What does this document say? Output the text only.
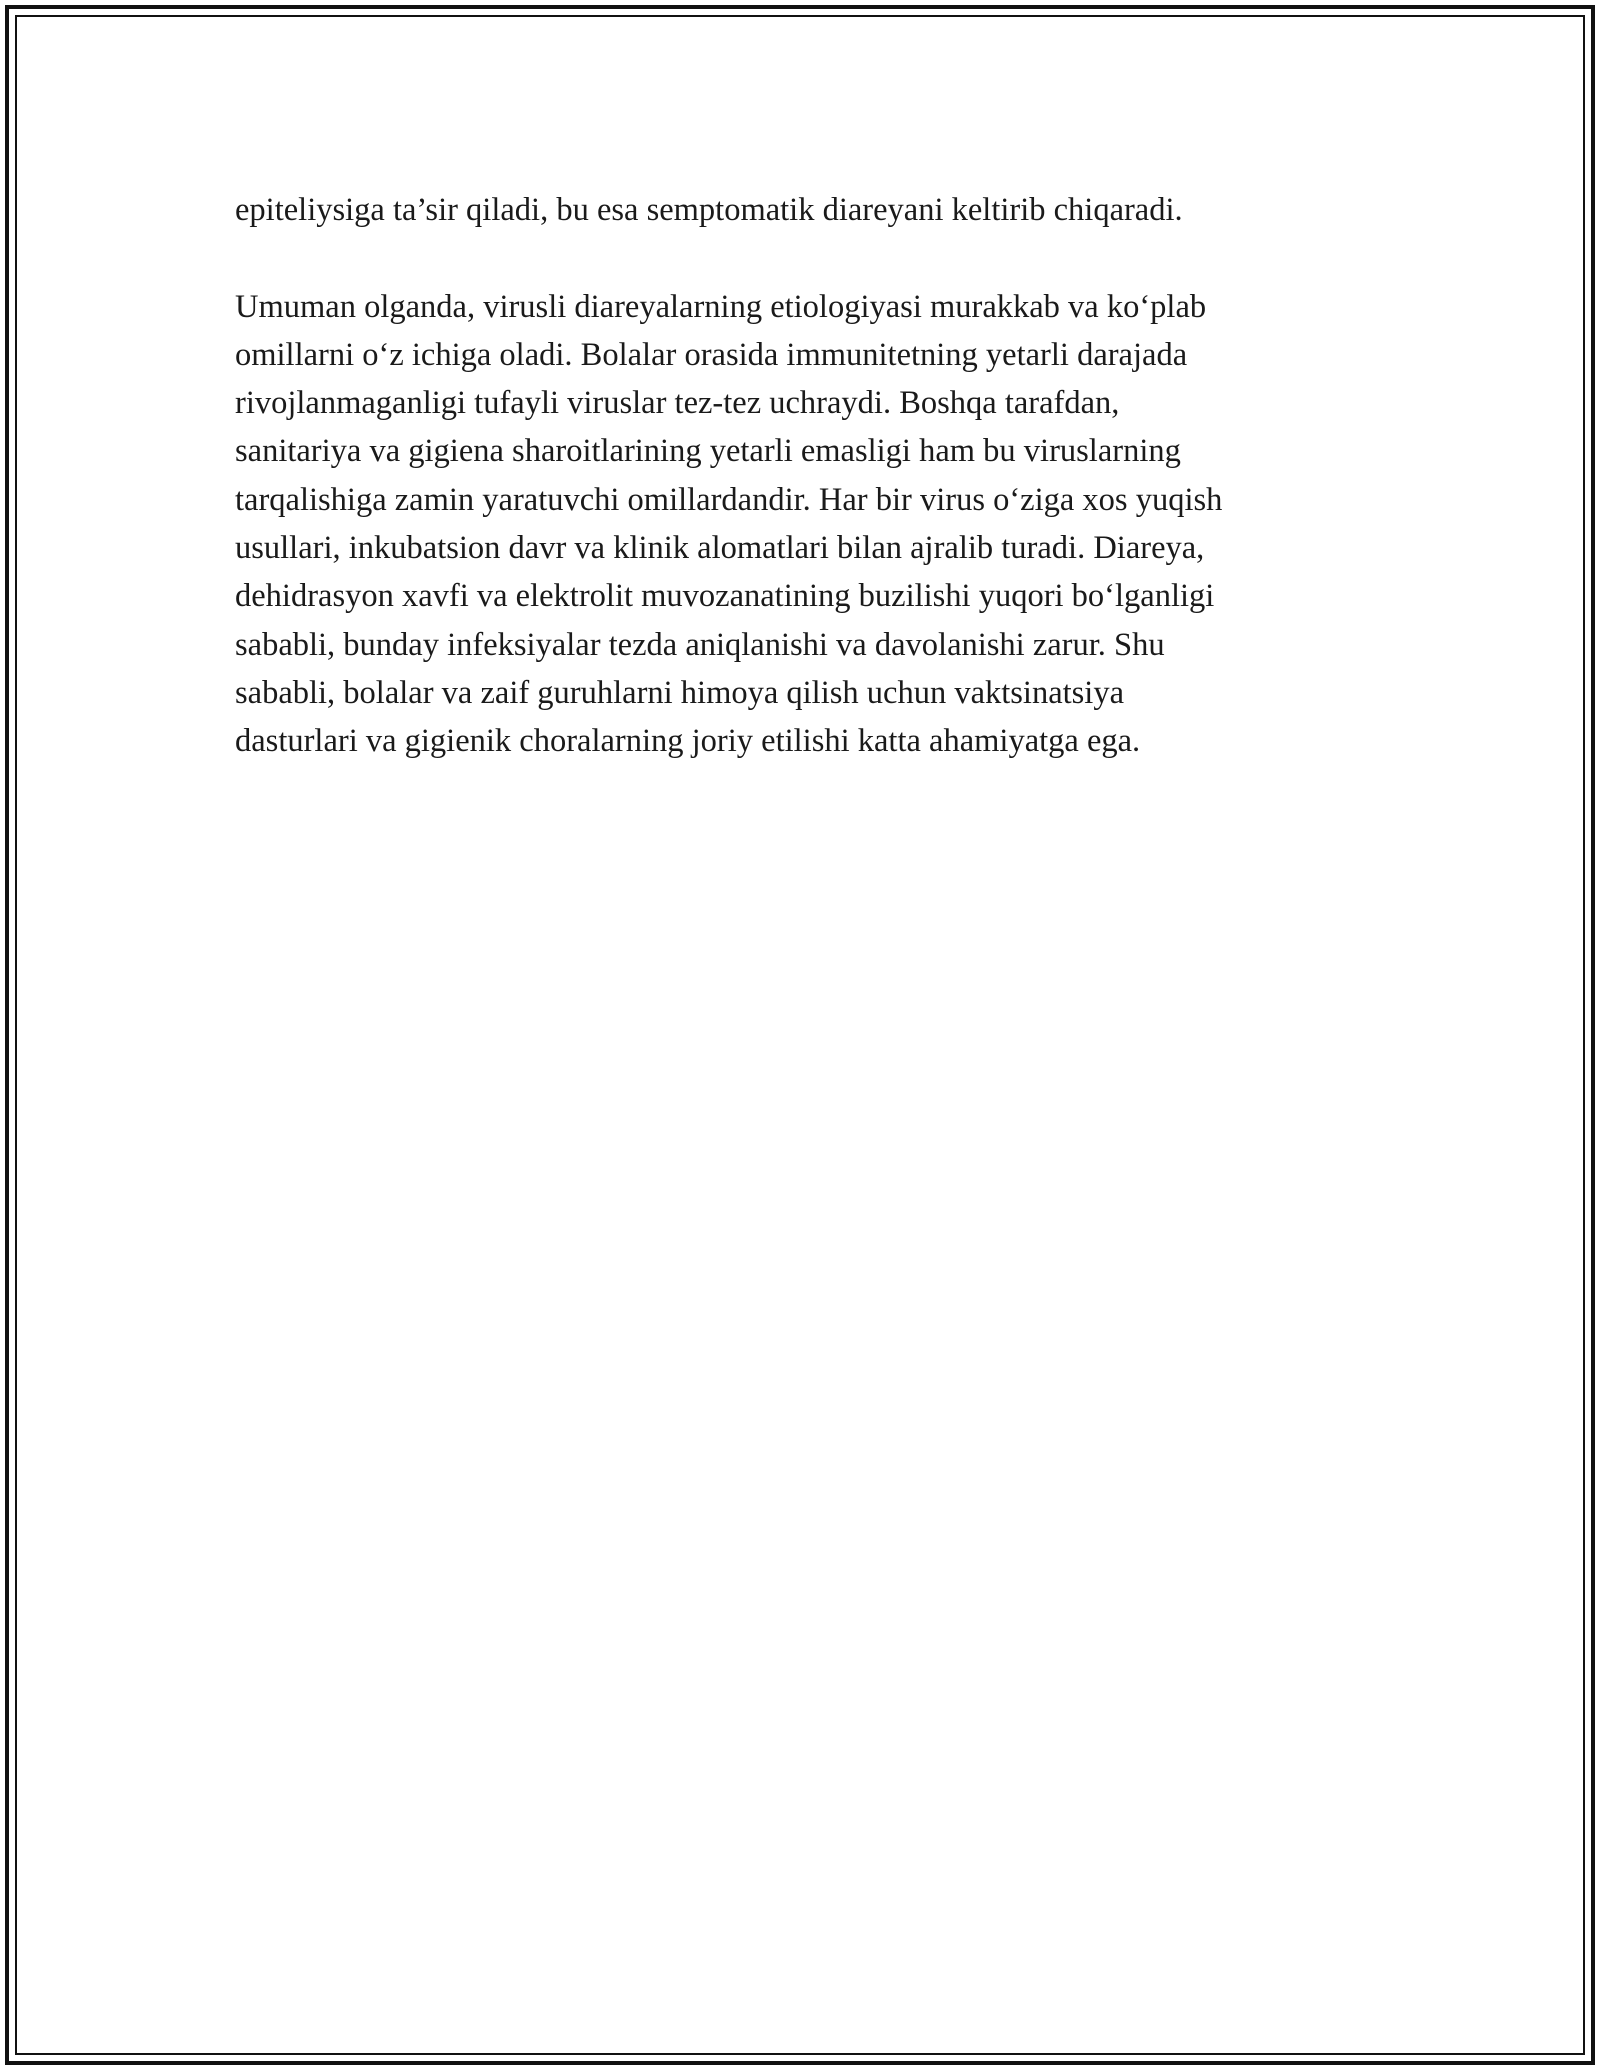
epiteliysiga ta’sir qiladi, bu esa semptomatik diareyani keltirib chiqaradi.

Umuman olganda, virusli diareyalarning etiologiyasi murakkab va ko‘plab
omillarni o‘z ichiga oladi. Bolalar orasida immunitetning yetarli darajada
rivojlanmaganligi tufayli viruslar tez-tez uchraydi. Boshqa tarafdan,
sanitariya va gigiena sharoitlarining yetarli emasligi ham bu viruslarning
tarqalishiga zamin yaratuvchi omillardandir. Har bir virus o‘ziga xos yuqish
usullari, inkubatsion davr va klinik alomatlari bilan ajralib turadi. Diareya,
dehidrasyon xavfi va elektrolit muvozanatining buzilishi yuqori bo‘lganligi
sababli, bunday infeksiyalar tezda aniqlanishi va davolanishi zarur. Shu
sababli, bolalar va zaif guruhlarni himoya qilish uchun vaktsinatsiya
dasturlari va gigienik choralarning joriy etilishi katta ahamiyatga ega.
